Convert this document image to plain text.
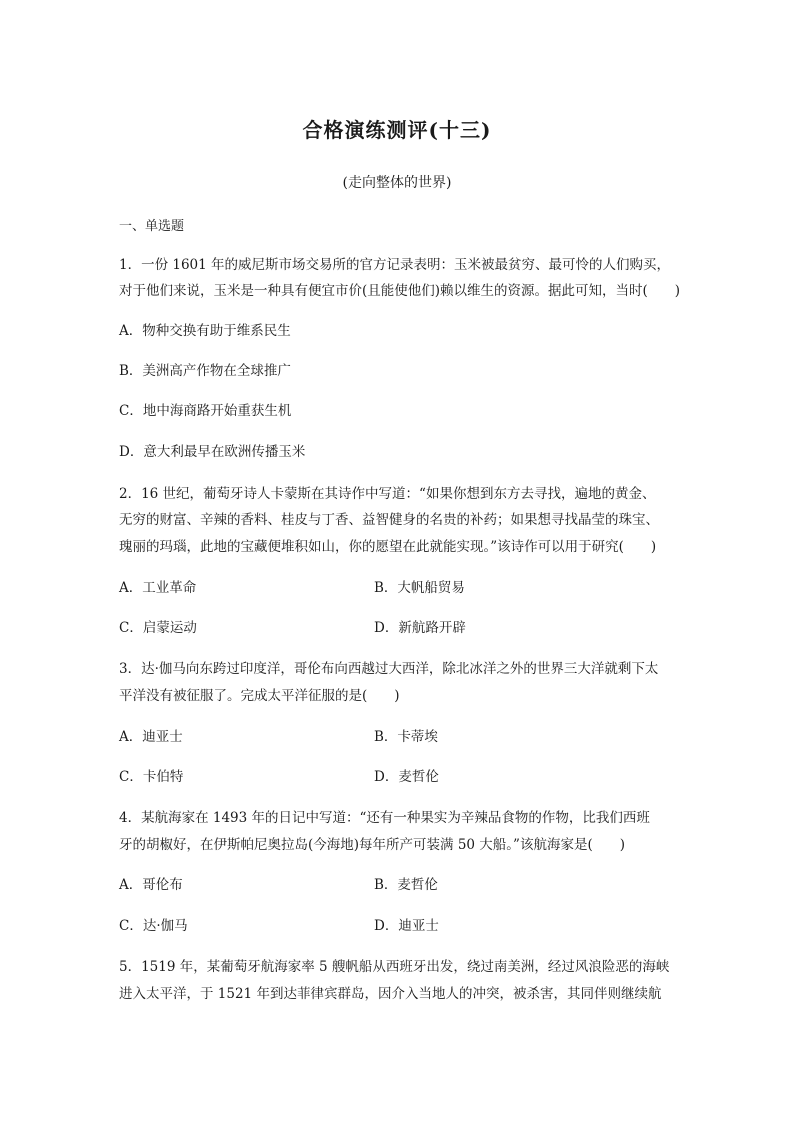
合格演练测评(十三)
(走向整体的世界)
一、单选题
1．一份 1601 年的威尼斯市场交易所的官方记录表明：玉米被最贫穷、最可怜的人们购买，
对于他们来说，玉米是一种具有便宜市价(且能使他们)赖以维生的资源。据此可知，当时(　　)
A．物种交换有助于维系民生
B．美洲高产作物在全球推广
C．地中海商路开始重获生机
D．意大利最早在欧洲传播玉米
2．16 世纪，葡萄牙诗人卡蒙斯在其诗作中写道：“如果你想到东方去寻找，遍地的黄金、
无穷的财富、辛辣的香料、桂皮与丁香、益智健身的名贵的补药；如果想寻找晶莹的珠宝、
瑰丽的玛瑙，此地的宝藏便堆积如山，你的愿望在此就能实现。”该诗作可以用于研究(　　)
A．工业革命	B．大帆船贸易
C．启蒙运动	D．新航路开辟
3．达·伽马向东跨过印度洋，哥伦布向西越过大西洋，除北冰洋之外的世界三大洋就剩下太
平洋没有被征服了。完成太平洋征服的是(　　)
A．迪亚士	B．卡蒂埃
C．卡伯特	D．麦哲伦
4．某航海家在 1493 年的日记中写道：“还有一种果实为辛辣品食物的作物，比我们西班
牙的胡椒好，在伊斯帕尼奥拉岛(今海地)每年所产可装满 50 大船。”该航海家是(　　)
A．哥伦布	B．麦哲伦
C．达·伽马	D．迪亚士
5．1519 年，某葡萄牙航海家率 5 艘帆船从西班牙出发，绕过南美洲，经过风浪险恶的海峡
进入太平洋，于 1521 年到达菲律宾群岛，因介入当地人的冲突，被杀害，其同伴则继续航
